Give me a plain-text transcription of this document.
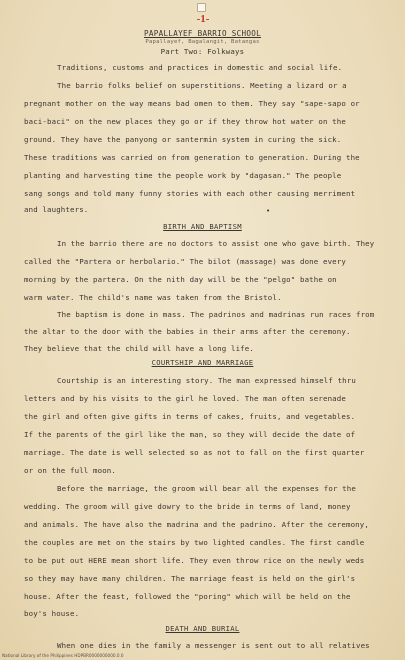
-1-
PAPALLAYEF BARRIO SCHOOL
Papallayef, Bagalangit, Batangas
Part Two: Folkways
Traditions, customs and practices in domestic and social life.
The barrio folks belief on superstitions. Meeting a lizard or a
pregnant mother on the way means bad omen to them. They say "sape-sapo or
baci-baci" on the new places they go or if they throw hot water on the
ground. They have the panyong or santermin system in curing the sick.
These traditions was carried on from generation to generation. During the
planting and harvesting time the people work by "dagasan." The people
sang songs and told many funny stories with each other causing merriment
and laughters.	•
BIRTH AND BAPTISM
In the barrio there are no doctors to assist one who gave birth. They
called the "Partera or herbolario." The bilot (massage) was done every
morning by the partera. On the nith day will be the "pelgo" bathe on
warm water. The child's name was taken from the Bristol.
The baptism is done in mass. The padrinos and madrinas run races from
the altar to the door with the babies in their arms after the ceremony.
They believe that the child will have a long life.
COURTSHIP AND MARRIAGE
Courtship is an interesting story. The man expressed himself thru
letters and by his visits to the girl he loved. The man often serenade
the girl and often give gifts in terms of cakes, fruits, and vegetables.
If the parents of the girl like the man, so they will decide the date of
marriage. The date is well selected so as not to fall on the first quarter
or on the full moon.
Before the marriage, the groom will bear all the expenses for the
wedding. The groom will give dowry to the bride in terms of land, money
and animals. The have also the madrina and the padrino. After the ceremony,
the couples are met on the stairs by two lighted candles. The first candle
to be put out HERE mean short life. They even throw rice on the newly weds
so they may have many children. The marriage feast is held on the girl's
house. After the feast, followed the "poring" which will be held on the
boy's house.
DEATH AND BURIAL
When one dies in the family a messenger is sent out to all relatives
National Library of the Philippines HDPBR0000000000.0.0
